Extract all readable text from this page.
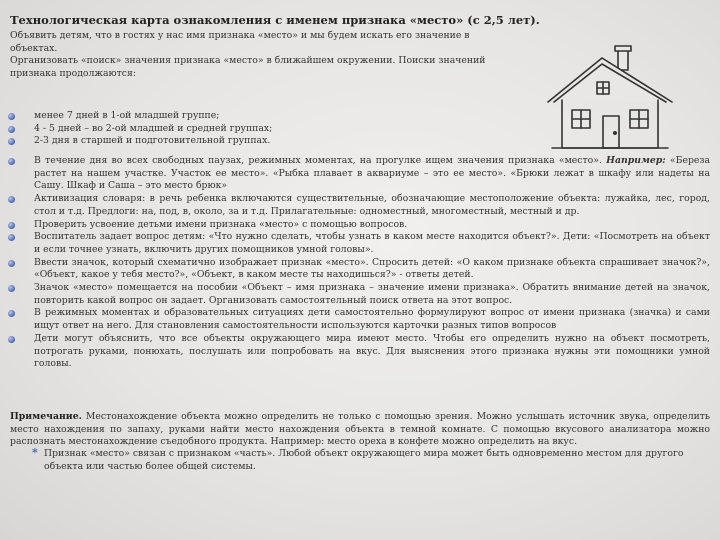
Технологическая карта ознакомления с именем признака «место» (с 2,5 лет).

Объявить детям, что в гостях у нас имя признака «место» и мы будем искать его значение в

объектах.

Организовать «поиск» значения признака «место» в ближайшем окружении. Поиски значений

признака продолжаются:

менее 7 дней в 1-ой младшей группе;
4 - 5 дней – во 2-ой младшей и средней группах;
2-3 дня в старшей и подготовительной группах.
В течение дня во всех свободных паузах, режимных моментах, на прогулке ищем значения признака «место». Например: «Береза растет на нашем участке. Участок ее место». «Рыбка плавает в аквариуме – это ее место». «Брюки лежат в шкафу или надеты на Сашу. Шкаф и Саша – это место брюк»
Активизация словаря: в речь ребенка включаются существительные, обозначающие местоположение объекта: лужайка, лес, город, стол и т.д. Предлоги: на, под, в, около, за и т.д. Прилагательные: одноместный, многоместный, местный и др.
Проверить усвоение детьми имени признака «место» с помощью вопросов.
Воспитатель задает вопрос детям: «Что нужно сделать, чтобы узнать в каком месте находится объект?». Дети: «Посмотреть на объект и если точнее узнать, включить других помощников умной головы».
Ввести значок, который схематично изображает признак «место». Спросить детей: «О каком признаке объекта спрашивает значок?», «Объект, какое у тебя место?», «Объект, в каком месте ты находишься?» - ответы детей.
Значок «место» помещается на пособии «Объект – имя признака – значение имени признака». Обратить внимание детей на значок, повторить какой вопрос он задает. Организовать самостоятельный поиск ответа на этот вопрос.
В режимных моментах и образовательных ситуациях дети самостоятельно формулируют вопрос от имени признака (значка) и сами ищут ответ на него. Для становления самостоятельности используются карточки разных типов вопросов
Дети могут объяснить, что все объекты окружающего мира имеют место. Чтобы его определить нужно на объект посмотреть, потрогать руками, понюхать, послушать или попробовать на вкус. Для выяснения этого признака нужны эти помощники умной головы.
Примечание. Местонахождение объекта можно определить не только с помощью зрения. Можно услышать источник звука, определить место нахождения по запаху, руками найти место нахождения объекта в темной комнате. С помощью вкусового анализатора можно распознать местонахождение съедобного продукта. Например: место ореха в конфете можно определить на вкус.
* Признак «место» связан с признаком «часть». Любой объект окружающего мира может быть одновременно местом для другого объекта или частью более общей системы.
